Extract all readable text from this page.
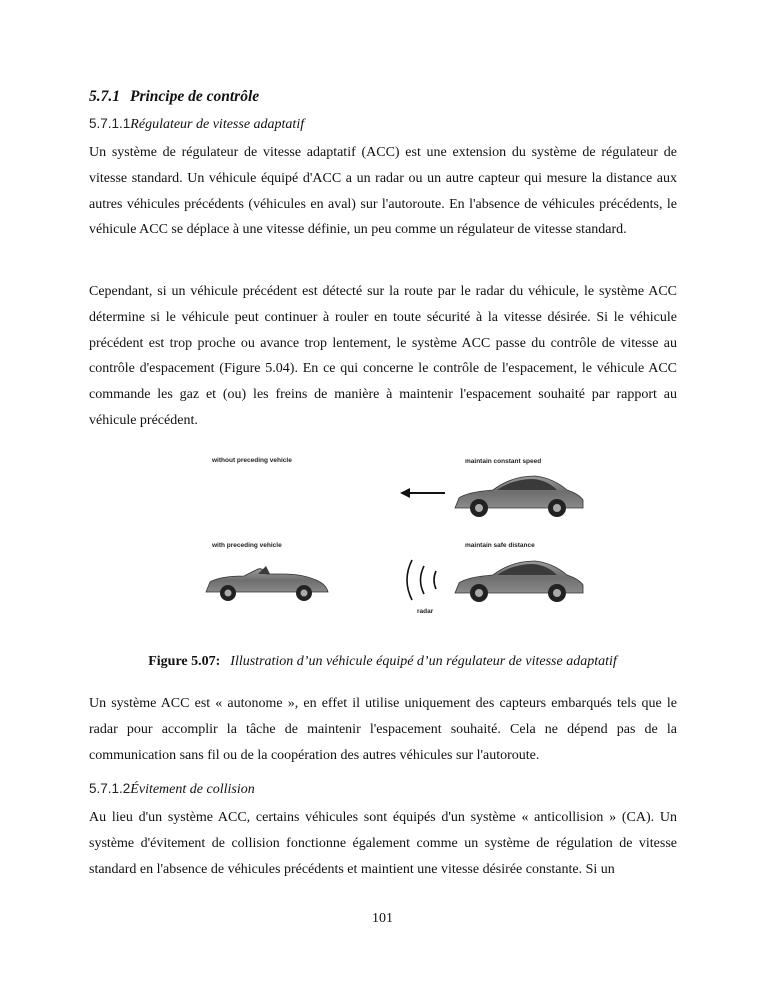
5.7.1 Principe de contrôle
5.7.1.1Régulateur de vitesse adaptatif

Un système de régulateur de vitesse adaptatif (ACC) est une extension du système de régulateur de vitesse standard. Un véhicule équipé d'ACC a un radar ou un autre capteur qui mesure la distance aux autres véhicules précédents (véhicules en aval) sur l'autoroute. En l'absence de véhicules précédents, le véhicule ACC se déplace à une vitesse définie, un peu comme un régulateur de vitesse standard.

Cependant, si un véhicule précédent est détecté sur la route par le radar du véhicule, le système ACC détermine si le véhicule peut continuer à rouler en toute sécurité à la vitesse désirée. Si le véhicule précédent est trop proche ou avance trop lentement, le système ACC passe du contrôle de vitesse au contrôle d'espacement (Figure 5.04). En ce qui concerne le contrôle de l'espacement, le véhicule ACC commande les gaz et (ou) les freins de manière à maintenir l'espacement souhaité par rapport au véhicule précédent.

without preceding vehicle	maintain constant speed
with preceding vehicle	maintain safe distance
radar
Figure 5.07: Illustration d’un véhicule équipé d’un régulateur de vitesse adaptatif

Un système ACC est « autonome », en effet il utilise uniquement des capteurs embarqués tels que le radar pour accomplir la tâche de maintenir l'espacement souhaité. Cela ne dépend pas de la communication sans fil ou de la coopération des autres véhicules sur l'autoroute.

5.7.1.2Évitement de collision

Au lieu d'un système ACC, certains véhicules sont équipés d'un système « anticollision » (CA). Un système d'évitement de collision fonctionne également comme un système de régulation de vitesse standard en l'absence de véhicules précédents et maintient une vitesse désirée constante. Si un

101
